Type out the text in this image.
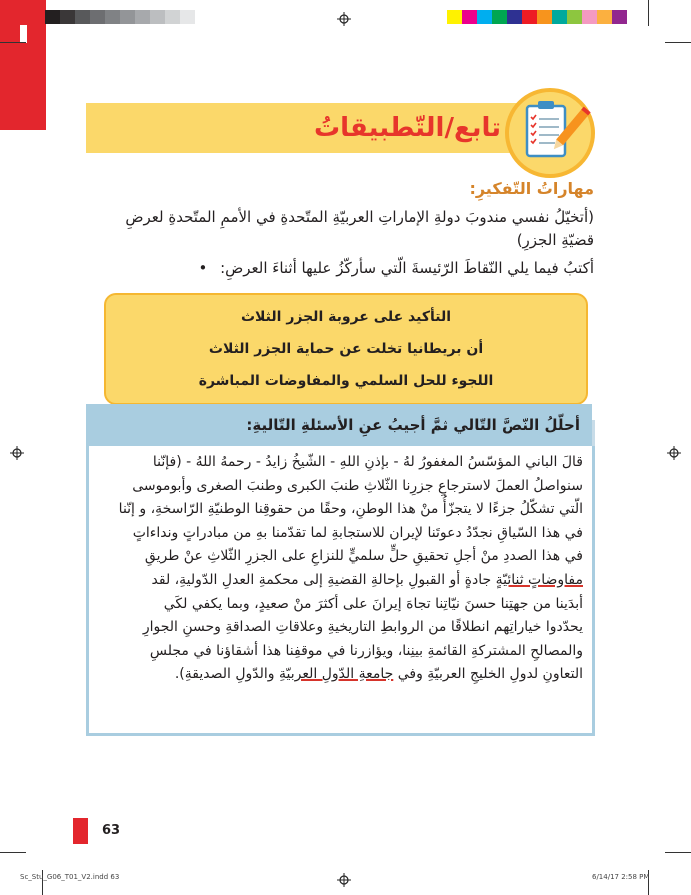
تابع/التّطبيقاتُ
مهاراتُ التّفكيرِ:
(أتخيّلُ نفسي مندوبَ دولةِ الإماراتِ العربيّةِ المتّحدةِ في الأممِ المتّحدةِ لعرضِ قضيّةِ الجزرِ)
أكتبُ فيما يلي النّقاطَ الرّئيسةَ الّتي سأركّزُ عليها أثناءَ العرضِ: •
التأكيد على عروبة الجزر الثلاث
أن بريطانيا تخلت عن حماية الجزر الثلاث
اللجوء للحل السلمي والمفاوضات المباشرة
أحلّلُ النّصَّ التّالي ثمَّ أجيبُ عنِ الأسئلةِ التّاليةِ:
قالَ الباني المؤسّسُ المغفورُ لهُ - بإذنِ اللهِ - الشّيخُ زايدُ - رحمهُ اللهُ - (فإنّنا
سنواصلُ العملَ لاسترجاعِ جزرِنا الثّلاثِ طنبَ الكبرى وطنبَ الصغرى وأبوموسى
الّتي تشكّلُ جزءًا لا يتجزّأُ منْ هذا الوطنِ، وحقًا من حقوقِنا الوطنيّةِ الرّاسخةِ، و إنّنا
في هذا السّياقِ نجدّدُ دعوتَنا لإيران للاستجابةِ لما تقدّمنا بهِ من مبادراتٍ ونداءاتٍ
في هذا الصددِ منْ أجلِ تحقيقِ حلٍّ سلميٍّ للنزاعِ على الجزرِ الثّلاثِ عنْ طريقِ
مفاوضاتٍ ثنائيّةٍ جادةٍ أو القبولِ بإحالةِ القضيةِ إلى محكمةِ العدلِ الدّوليةِ، لقد
أبدَينا من جهتِنا حسنَ نيّاتِنا تجاهَ إيرانَ على أكثرَ منْ صعيدٍ، وبما يكفي لكَي
يحدّدوا خياراتِهم انطلاقًا من الروابطِ التاريخيةِ وعلاقاتِ الصداقةِ وحسنِ الجوارِ
والمصالحِ المشتركةِ القائمةِ بينِنا، ويؤازرنا في موقفِنا هذا أشقاؤنا في مجلسِ
التعاونِ لدولِ الخليجِ العربيّةِ وفي جامعةِ الدّولِ العربيّةِ والدّولِ الصديقةِ).
63
Sc_Stu_G06_T01_V2.indd 63	6/14/17 2:58 PM
